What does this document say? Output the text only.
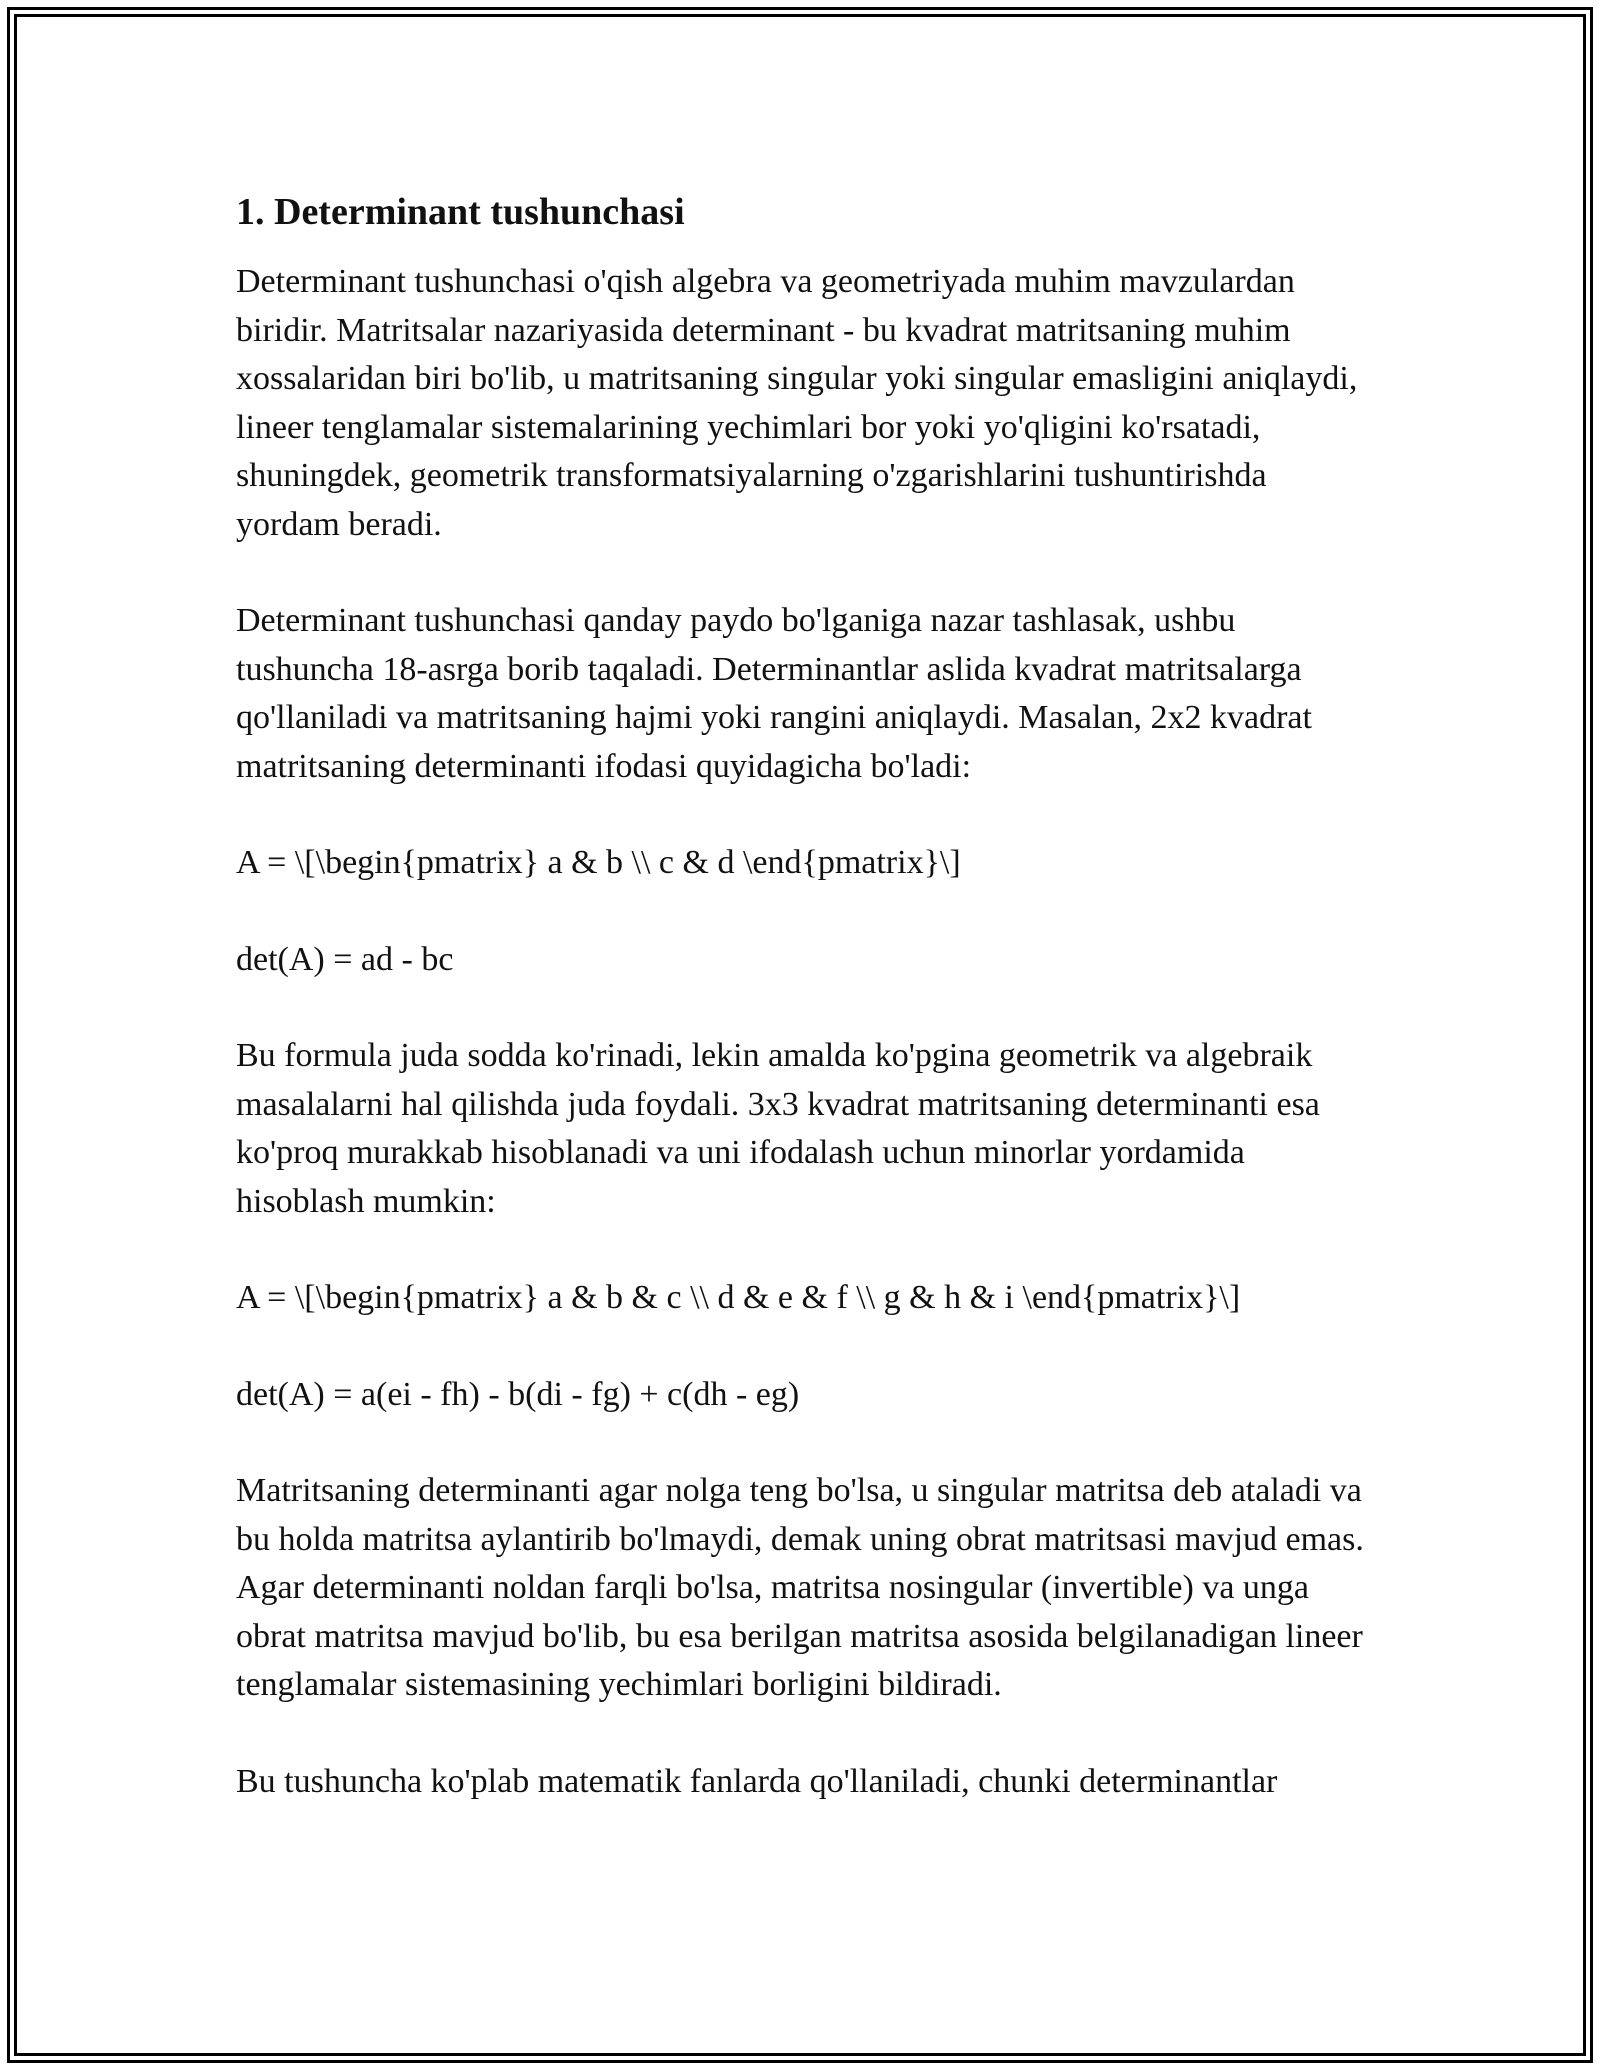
1. Determinant tushunchasi

Determinant tushunchasi o'qish algebra va geometriyada muhim mavzulardan biridir. Matritsalar nazariyasida determinant - bu kvadrat matritsaning muhim xossalaridan biri bo'lib, u matritsaning singular yoki singular emasligini aniqlaydi, lineer tenglamalar sistemalarining yechimlari bor yoki yo'qligini ko'rsatadi, shuningdek, geometrik transformatsiyalarning o'zgarishlarini tushuntirishda yordam beradi.

Determinant tushunchasi qanday paydo bo'lganiga nazar tashlasak, ushbu tushuncha 18-asrga borib taqaladi. Determinantlar aslida kvadrat matritsalarga qo'llaniladi va matritsaning hajmi yoki rangini aniqlaydi. Masalan, 2x2 kvadrat matritsaning determinanti ifodasi quyidagicha bo'ladi:

A = \[\begin{pmatrix} a & b \\ c & d \end{pmatrix}\]

det(A) = ad - bc

Bu formula juda sodda ko'rinadi, lekin amalda ko'pgina geometrik va algebraik masalalarni hal qilishda juda foydali. 3x3 kvadrat matritsaning determinanti esa ko'proq murakkab hisoblanadi va uni ifodalash uchun minorlar yordamida hisoblash mumkin:

A = \[\begin{pmatrix} a & b & c \\ d & e & f \\ g & h & i \end{pmatrix}\]

det(A) = a(ei - fh) - b(di - fg) + c(dh - eg)

Matritsaning determinanti agar nolga teng bo'lsa, u singular matritsa deb ataladi va bu holda matritsa aylantirib bo'lmaydi, demak uning obrat matritsasi mavjud emas. Agar determinanti noldan farqli bo'lsa, matritsa nosingular (invertible) va unga obrat matritsa mavjud bo'lib, bu esa berilgan matritsa asosida belgilanadigan lineer tenglamalar sistemasining yechimlari borligini bildiradi.

Bu tushuncha ko'plab matematik fanlarda qo'llaniladi, chunki determinantlar
